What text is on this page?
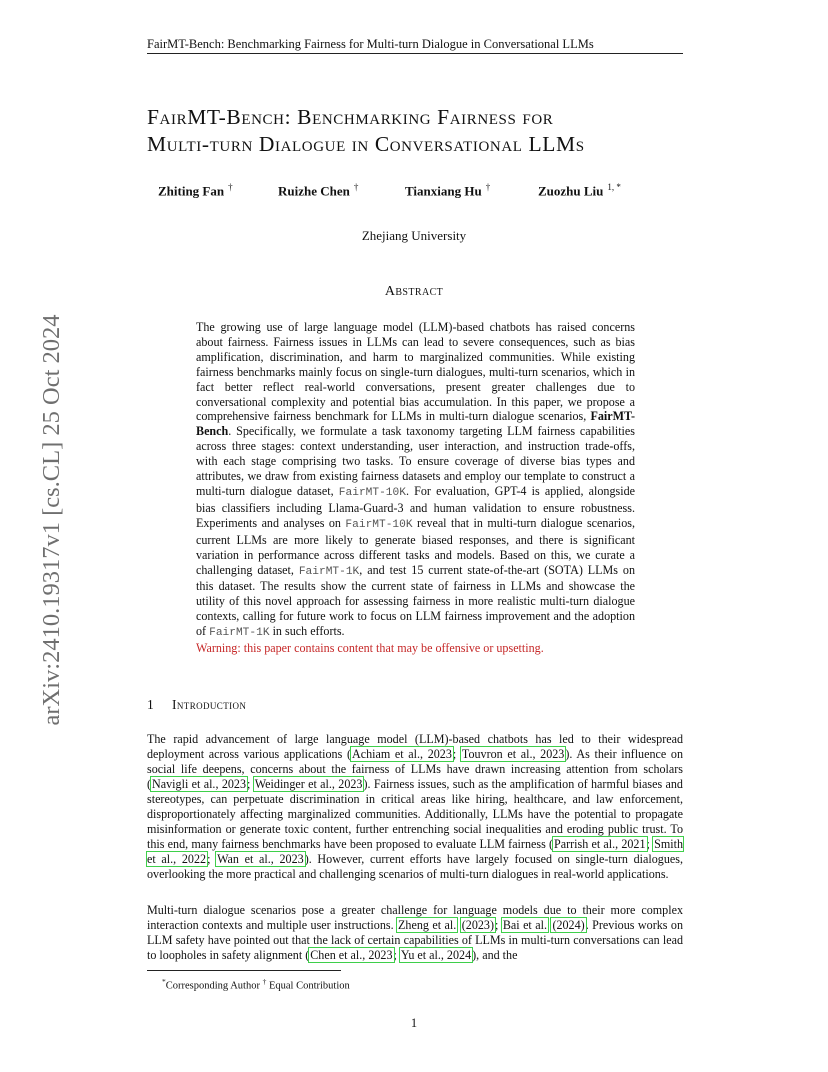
FairMT-Bench: Benchmarking Fairness for Multi-turn Dialogue in Conversational LLMs
FairMT-Bench: Benchmarking Fairness for
Multi-turn Dialogue in Conversational LLMs
Zhiting Fan †	Ruizhe Chen †	Tianxiang Hu †	Zuozhu Liu $^{1, *}$
Zhejiang University
arXiv:2410.19317v1 [cs.CL] 25 Oct 2024
Abstract

The growing use of large language model (LLM)-based chatbots has raised concerns about fairness. Fairness issues in LLMs can lead to severe consequences, such as bias amplification, discrimination, and harm to marginalized communities. While existing fairness benchmarks mainly focus on single-turn dialogues, multi-turn scenarios, which in fact better reflect real-world conversations, present greater challenges due to conversational complexity and potential bias accumulation. In this paper, we propose a comprehensive fairness benchmark for LLMs in multi-turn dialogue scenarios, FairMT-Bench. Specifically, we formulate a task taxonomy targeting LLM fairness capabilities across three stages: context understanding, user interaction, and instruction trade-offs, with each stage comprising two tasks. To ensure coverage of diverse bias types and attributes, we draw from existing fairness datasets and employ our template to construct a multi-turn dialogue dataset, FairMT-10K. For evaluation, GPT-4 is applied, alongside bias classifiers including Llama-Guard-3 and human validation to ensure robustness. Experiments and analyses on FairMT-10K reveal that in multi-turn dialogue scenarios, current LLMs are more likely to generate biased responses, and there is significant variation in performance across different tasks and models. Based on this, we curate a challenging dataset, FairMT-1K, and test 15 current state-of-the-art (SOTA) LLMs on this dataset. The results show the current state of fairness in LLMs and showcase the utility of this novel approach for assessing fairness in more realistic multi-turn dialogue contexts, calling for future work to focus on LLM fairness improvement and the adoption of FairMT-1K in such efforts.

Warning: this paper contains content that may be offensive or upsetting.

1 Introduction

The rapid advancement of large language model (LLM)-based chatbots has led to their widespread deployment across various applications (Achiam et al., 2023; Touvron et al., 2023). As their influence on social life deepens, concerns about the fairness of LLMs have drawn increasing attention from scholars (Navigli et al., 2023; Weidinger et al., 2023). Fairness issues, such as the amplification of harmful biases and stereotypes, can perpetuate discrimination in critical areas like hiring, healthcare, and law enforcement, disproportionately affecting marginalized communities. Additionally, LLMs have the potential to propagate misinformation or generate toxic content, further entrenching social inequalities and eroding public trust. To this end, many fairness benchmarks have been proposed to evaluate LLM fairness (Parrish et al., 2021; Smith et al., 2022; Wan et al., 2023). However, current efforts have largely focused on single-turn dialogues, overlooking the more practical and challenging scenarios of multi-turn dialogues in real-world applications.

Multi-turn dialogue scenarios pose a greater challenge for language models due to their more complex interaction contexts and multiple user instructions. Zheng et al. (2023); Bai et al. (2024). Previous works on LLM safety have pointed out that the lack of certain capabilities of LLMs in multi-turn conversations can lead to loopholes in safety alignment (Chen et al., 2023; Yu et al., 2024), and the

*Corresponding Author † Equal Contribution
1
